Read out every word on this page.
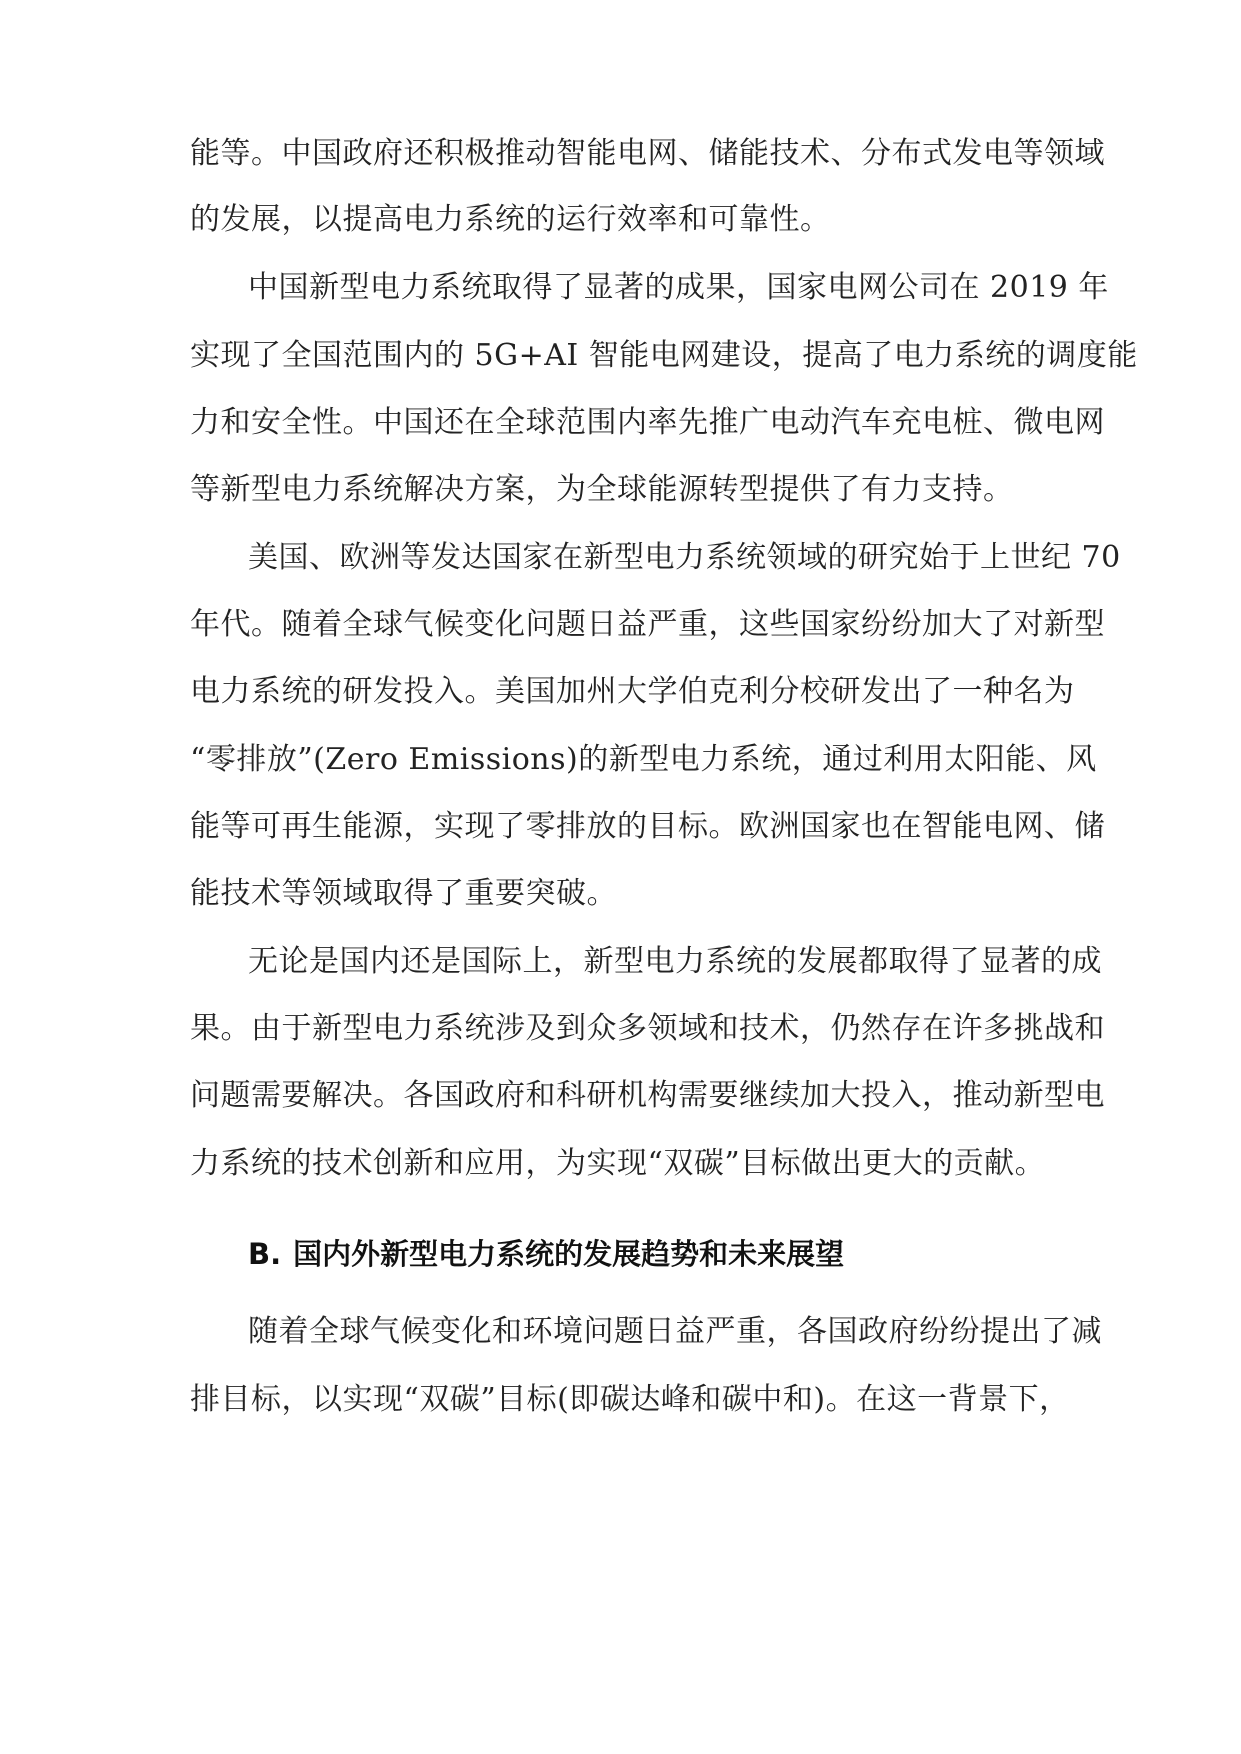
能等。中国政府还积极推动智能电网、储能技术、分布式发电等领域
的发展，以提高电力系统的运行效率和可靠性。
中国新型电力系统取得了显著的成果，国家电网公司在 2019 年
实现了全国范围内的 5G+AI 智能电网建设，提高了电力系统的调度能
力和安全性。中国还在全球范围内率先推广电动汽车充电桩、微电网
等新型电力系统解决方案，为全球能源转型提供了有力支持。
美国、欧洲等发达国家在新型电力系统领域的研究始于上世纪 70
年代。随着全球气候变化问题日益严重，这些国家纷纷加大了对新型
电力系统的研发投入。美国加州大学伯克利分校研发出了一种名为
“零排放”(Zero Emissions)的新型电力系统，通过利用太阳能、风
能等可再生能源，实现了零排放的目标。欧洲国家也在智能电网、储
能技术等领域取得了重要突破。
无论是国内还是国际上，新型电力系统的发展都取得了显著的成
果。由于新型电力系统涉及到众多领域和技术，仍然存在许多挑战和
问题需要解决。各国政府和科研机构需要继续加大投入，推动新型电
力系统的技术创新和应用，为实现“双碳”目标做出更大的贡献。
B. 国内外新型电力系统的发展趋势和未来展望
随着全球气候变化和环境问题日益严重，各国政府纷纷提出了减
排目标，以实现“双碳”目标(即碳达峰和碳中和)。在这一背景下，
